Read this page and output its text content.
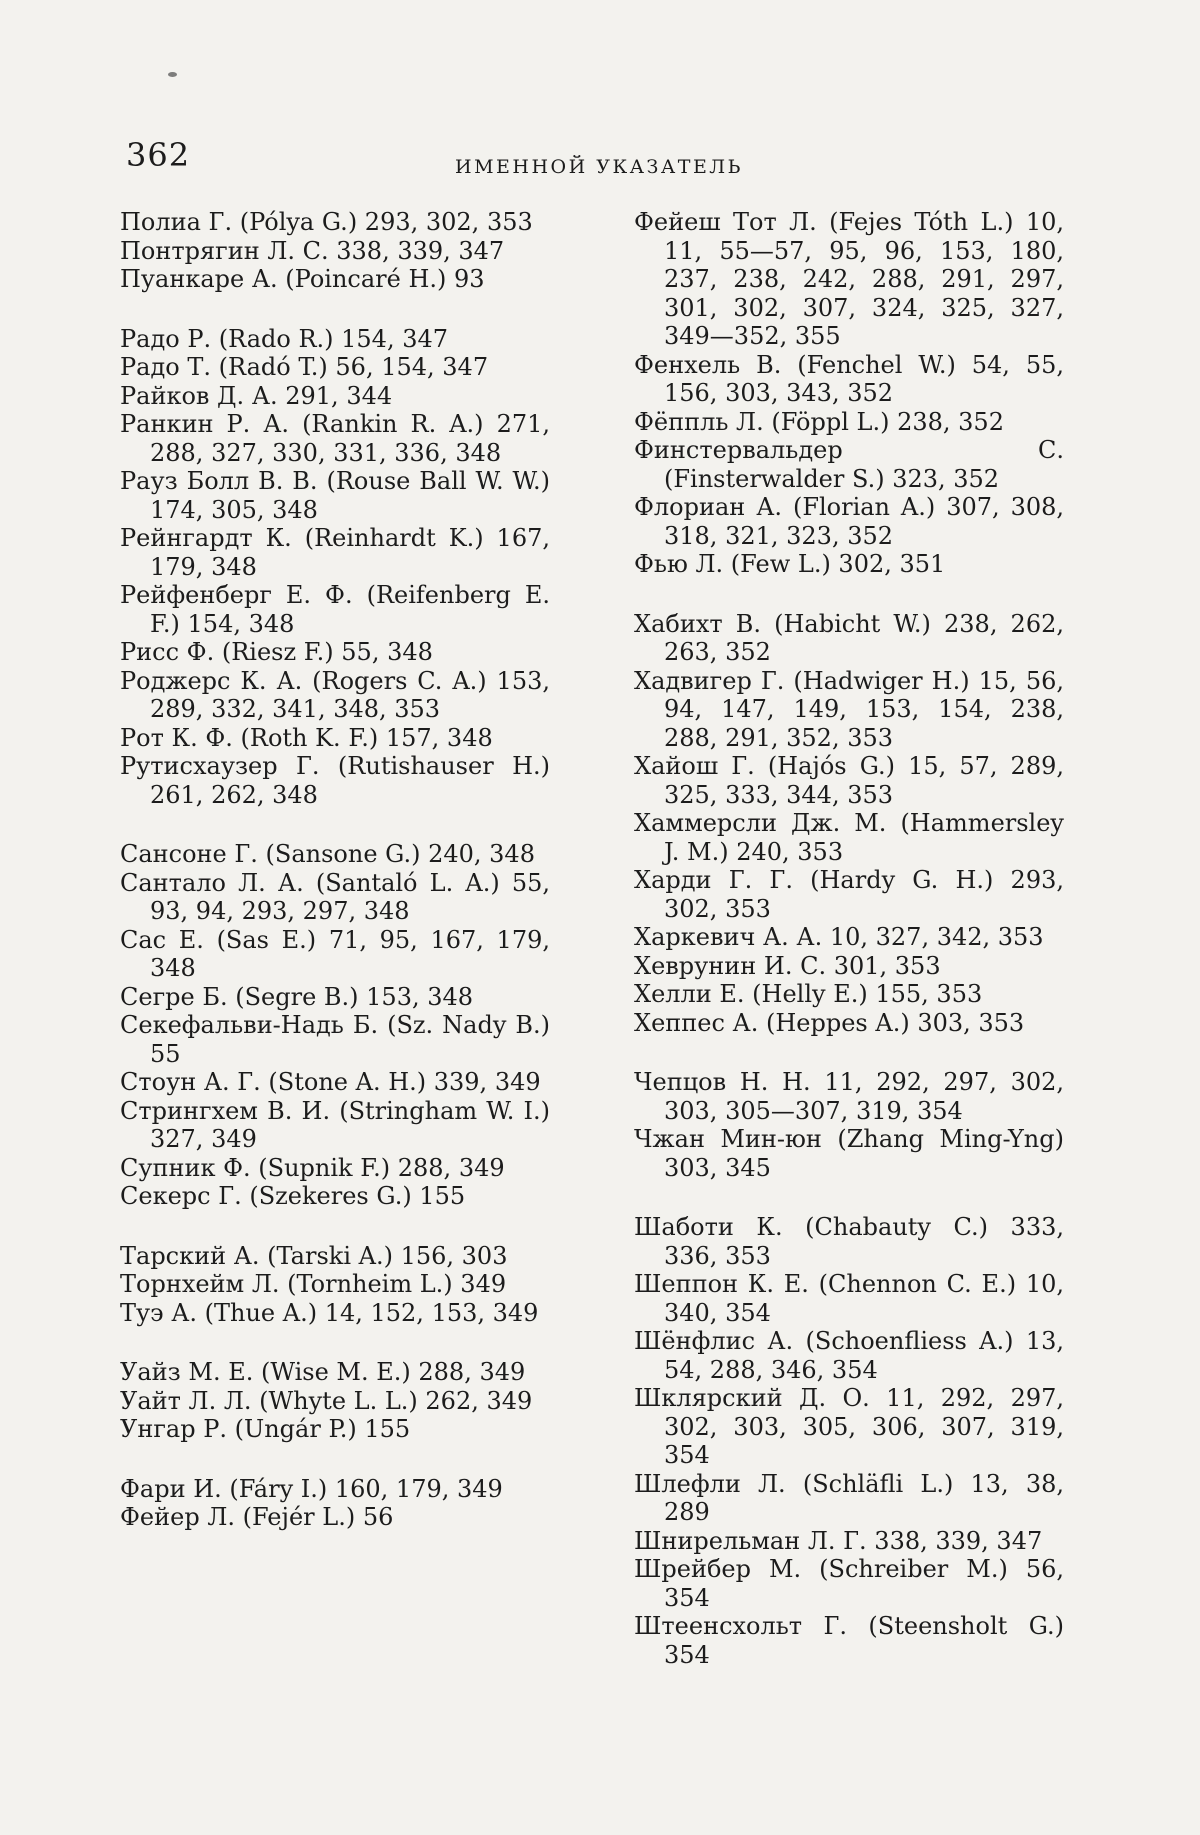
362	ИМЕННОЙ УКАЗАТЕЛЬ
Полиа Г. (Pólya G.) 293, 302, 353
Понтрягин Л. С. 338, 339, 347
Пуанкаре А. (Poincaré H.) 93
Радо Р. (Rado R.) 154, 347
Радо Т. (Radó T.) 56, 154, 347
Райков Д. А. 291, 344
Ранкин Р. А. (Rankin R. A.) 271, 288, 327, 330, 331, 336, 348
Рауз Болл В. В. (Rouse Ball W. W.) 174, 305, 348
Рейнгардт К. (Reinhardt K.) 167, 179, 348
Рейфенберг Е. Ф. (Reifenberg E. F.) 154, 348
Рисс Ф. (Riesz F.) 55, 348
Роджерс К. А. (Rogers C. A.) 153, 289, 332, 341, 348, 353
Рот К. Ф. (Roth K. F.) 157, 348
Рутисхаузер Г. (Rutishauser H.) 261, 262, 348
Сансоне Г. (Sansone G.) 240, 348
Сантало Л. А. (Santaló L. A.) 55, 93, 94, 293, 297, 348
Сас Е. (Sas E.) 71, 95, 167, 179, 348
Сегре Б. (Segre B.) 153, 348
Секефальви-Надь Б. (Sz. Nady B.) 55
Стоун А. Г. (Stone A. H.) 339, 349
Стрингхем В. И. (Stringham W. I.) 327, 349
Супник Ф. (Supnik F.) 288, 349
Секерс Г. (Szekeres G.) 155
Тарский А. (Tarski A.) 156, 303
Торнхейм Л. (Tornheim L.) 349
Туэ А. (Thue A.) 14, 152, 153, 349
Уайз М. Е. (Wise M. E.) 288, 349
Уайт Л. Л. (Whyte L. L.) 262, 349
Унгар Р. (Ungár P.) 155
Фари И. (Fáry I.) 160, 179, 349
Фейер Л. (Fejér L.) 56
Фейеш Тот Л. (Fejes Tóth L.) 10, 11, 55—57, 95, 96, 153, 180, 237, 238, 242, 288, 291, 297, 301, 302, 307, 324, 325, 327, 349—352, 355
Фенхель В. (Fenchel W.) 54, 55, 156, 303, 343, 352
Фёппль Л. (Föppl L.) 238, 352
Финстервальдер С. (Finsterwalder S.) 323, 352
Флориан А. (Florian A.) 307, 308, 318, 321, 323, 352
Фью Л. (Few L.) 302, 351
Хабихт В. (Habicht W.) 238, 262, 263, 352
Хадвигер Г. (Hadwiger H.) 15, 56, 94, 147, 149, 153, 154, 238, 288, 291, 352, 353
Хайош Г. (Hajós G.) 15, 57, 289, 325, 333, 344, 353
Хаммерсли Дж. М. (Hammersley J. M.) 240, 353
Харди Г. Г. (Hardy G. H.) 293, 302, 353
Харкевич А. А. 10, 327, 342, 353
Хеврунин И. С. 301, 353
Хелли Е. (Helly E.) 155, 353
Хеппес А. (Heppes A.) 303, 353
Чепцов Н. Н. 11, 292, 297, 302, 303, 305—307, 319, 354
Чжан Мин-юн (Zhang Ming-Yng) 303, 345
Шаботи К. (Chabauty C.) 333, 336, 353
Шеппон К. Е. (Chennon C. E.) 10, 340, 354
Шёнфлис А. (Schoenfliess A.) 13, 54, 288, 346, 354
Шклярский Д. О. 11, 292, 297, 302, 303, 305, 306, 307, 319, 354
Шлефли Л. (Schläfli L.) 13, 38, 289
Шнирельман Л. Г. 338, 339, 347
Шрейбер М. (Schreiber M.) 56, 354
Штеенсхольт Г. (Steensholt G.) 354
